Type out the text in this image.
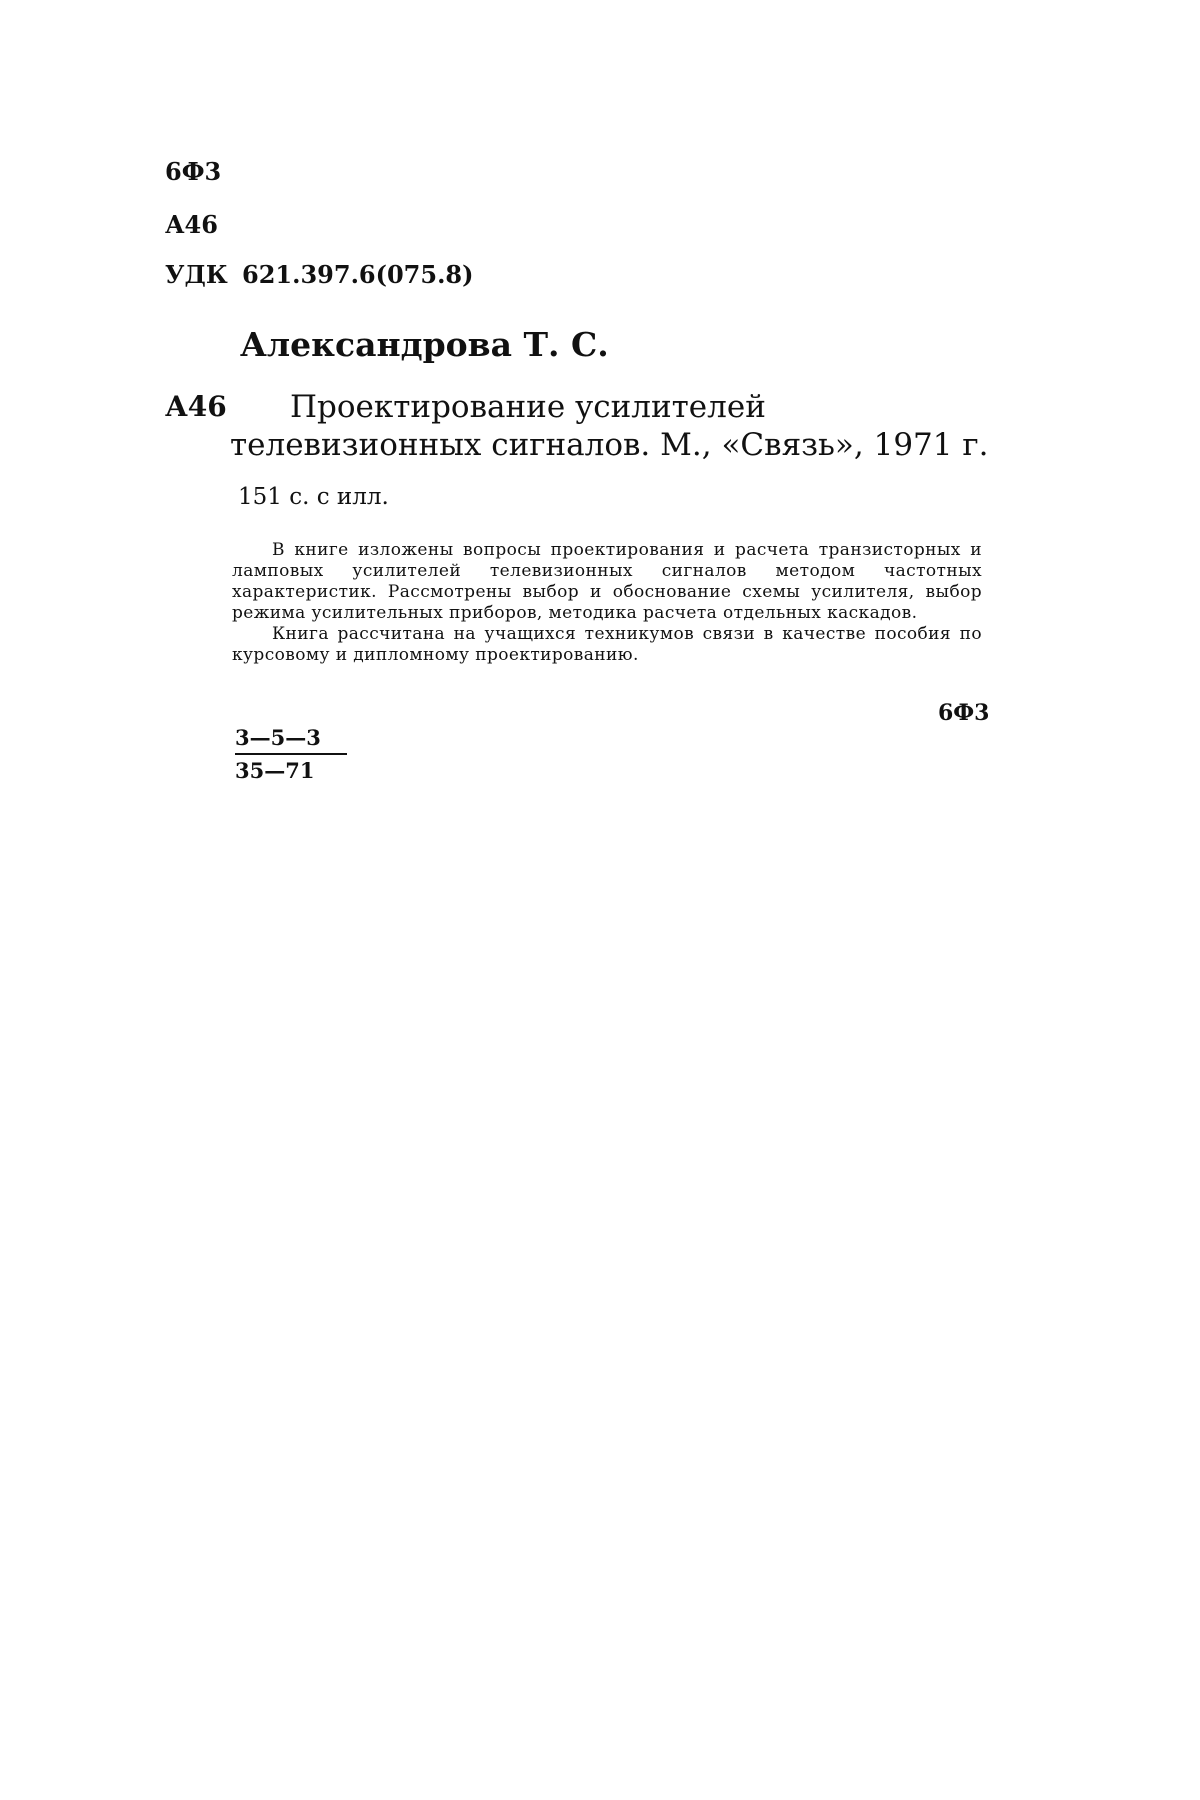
6Ф3
А46
УДК 621.397.6(075.8)
Александрова Т. С.
А46	Проектирование усилителей телевизионных сигналов. М., «Связь», 1971 г.

151 с. с илл.

В книге изложены вопросы проектирования и расчета транзисторных и ламповых усилителей телевизионных сигналов методом частотных характеристик. Рассмотрены выбор и обоснование схемы усилителя, выбор режима усилительных приборов, методика расчета отдельных каскадов.

Книга рассчитана на учащихся техникумов связи в качестве пособия по курсовому и дипломному проектированию.

6Ф3
$\frac{3—5—3}{35—71}$
